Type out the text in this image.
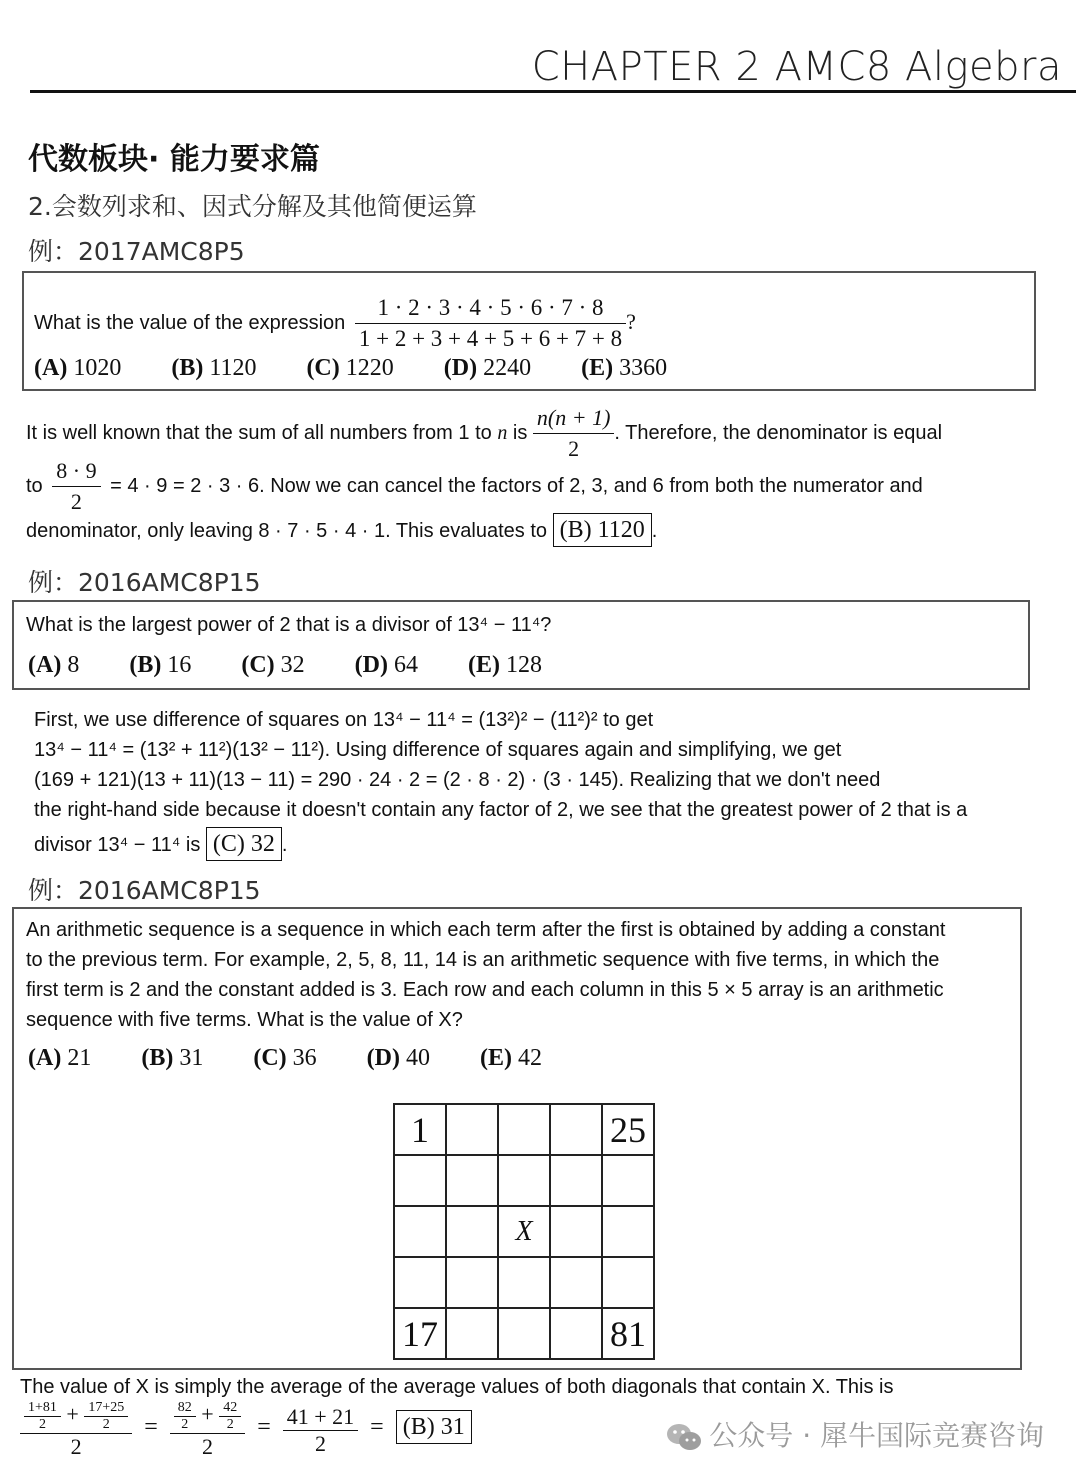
CHAPTER 2 AMC8 Algebra
代数板块· 能力要求篇
2.会数列求和、因式分解及其他简便运算
例：2017AMC8P5
What is the value of the expression $\frac{1 \cdot 2 \cdot 3 \cdot 4 \cdot 5 \cdot 6 \cdot 7 \cdot 8}{1 + 2 + 3 + 4 + 5 + 6 + 7 + 8}$ ?
(A) 1020 (B) 1120 (C) 1220 (D) 2240 (E) 3360
It is well known that the sum of all numbers from 1 to n is $\frac{n(n + 1)}{2}$ . Therefore, the denominator is equal
to $\frac{8 \cdot 9}{2} = 4 \cdot 9 = 2 \cdot 3 \cdot 6$. Now we can cancel the factors of 2, 3, and 6 from both the numerator and
denominator, only leaving 8 · 7 · 5 · 4 · 1. This evaluates to (B) 1120 .
例：2016AMC8P15
What is the largest power of 2 that is a divisor of 13⁴ − 11⁴?
(A) 8 (B) 16 (C) 32 (D) 64 (E) 128
First, we use difference of squares on 13⁴ − 11⁴ = (13²)² − (11²)² to get
13⁴ − 11⁴ = (13² + 11²)(13² − 11²). Using difference of squares again and simplifying, we get
(169 + 121)(13 + 11)(13 − 11) = 290 · 24 · 2 = (2 · 8 · 2) · (3 · 145). Realizing that we don't need
the right-hand side because it doesn't contain any factor of 2, we see that the greatest power of 2 that is a
divisor 13⁴ − 11⁴ is (C) 32 .
例：2016AMC8P15
An arithmetic sequence is a sequence in which each term after the first is obtained by adding a constant
to the previous term. For example, 2, 5, 8, 11, 14 is an arithmetic sequence with five terms, in which the
first term is 2 and the constant added is 3. Each row and each column in this 5 × 5 array is an arithmetic
sequence with five terms. What is the value of X?
(A) 21 (B) 31 (C) 36 (D) 40 (E) 42
1				25

		X		

17				81
The value of X is simply the average of the average values of both diagonals that contain X. This is
$\frac{\frac{1+81}{2} + \frac{17+25}{2}}{2} = \frac{\frac{82}{2} + \frac{42}{2}}{2} = \frac{41 + 21}{2} = (B)$ 31	公众号 · 犀牛国际竞赛咨询
